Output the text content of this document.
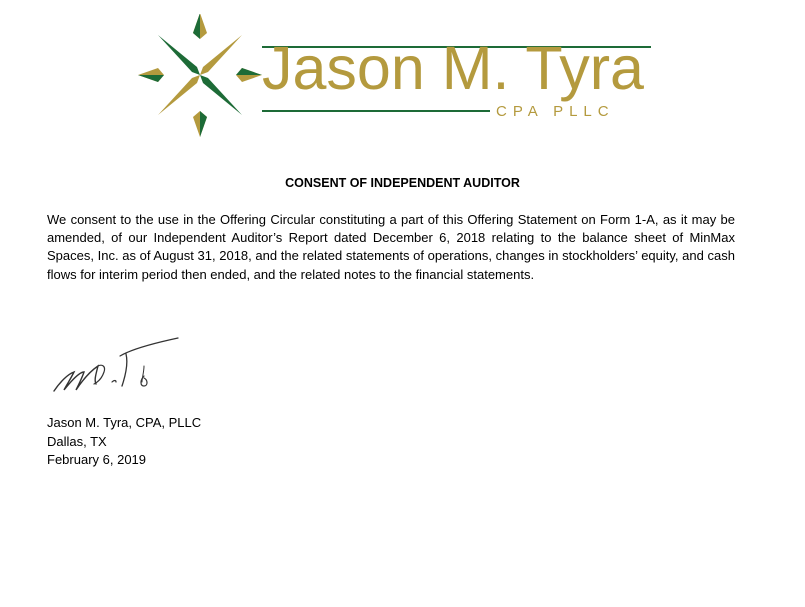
Jason M. Tyra
CPA PLLC
CONSENT OF INDEPENDENT AUDITOR

We consent to the use in the Offering Circular constituting a part of this Offering Statement on Form 1-A, as it may be amended, of our Independent Auditor’s Report dated December 6, 2018 relating to the balance sheet of MinMax Spaces, Inc. as of August 31, 2018, and the related statements of operations, changes in stockholders’ equity, and cash flows for interim period then ended, and the related notes to the financial statements.

Jason M. Tyra, CPA, PLLC
Dallas, TX
February 6, 2019
